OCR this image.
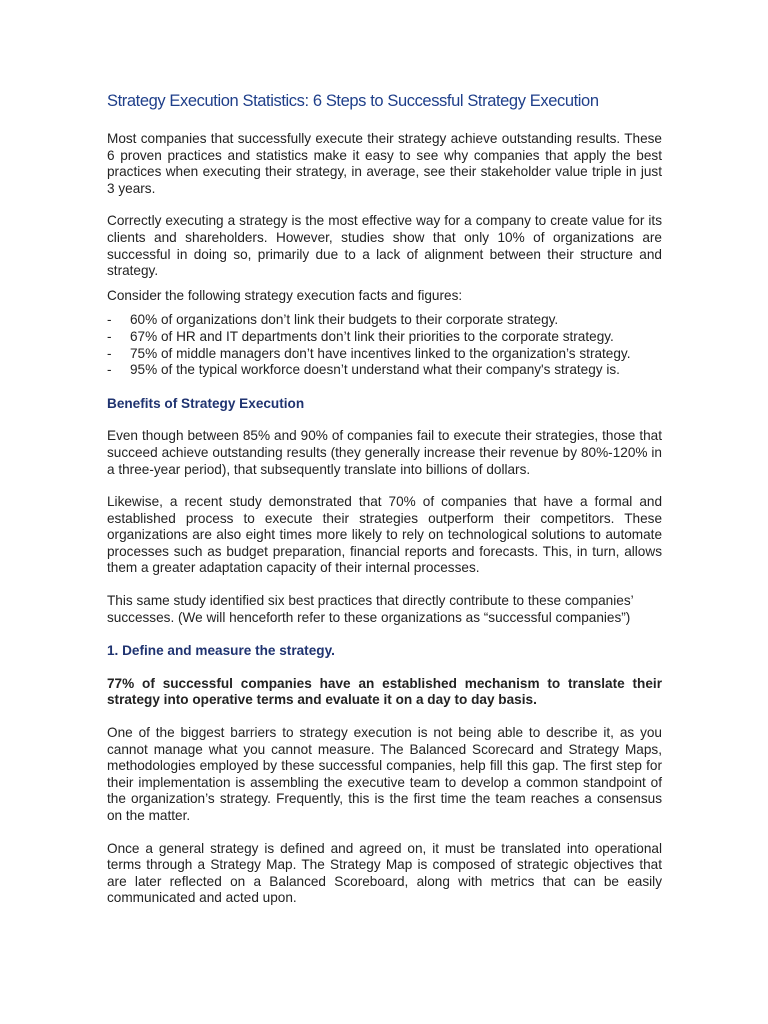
Strategy Execution Statistics: 6 Steps to Successful Strategy Execution

Most companies that successfully execute their strategy achieve outstanding results. These 6 proven practices and statistics make it easy to see why companies that apply the best practices when executing their strategy, in average, see their stakeholder value triple in just 3 years.

Correctly executing a strategy is the most effective way for a company to create value for its clients and shareholders. However, studies show that only 10% of organizations are successful in doing so, primarily due to a lack of alignment between their structure and strategy.

Consider the following strategy execution facts and figures:

- 60% of organizations don’t link their budgets to their corporate strategy.
- 67% of HR and IT departments don’t link their priorities to the corporate strategy.
- 75% of middle managers don’t have incentives linked to the organization’s strategy.
- 95% of the typical workforce doesn’t understand what their company's strategy is.
Benefits of Strategy Execution

Even though between 85% and 90% of companies fail to execute their strategies, those that succeed achieve outstanding results (they generally increase their revenue by 80%-120% in a three-year period), that subsequently translate into billions of dollars.

Likewise, a recent study demonstrated that 70% of companies that have a formal and established process to execute their strategies outperform their competitors. These organizations are also eight times more likely to rely on technological solutions to automate processes such as budget preparation, financial reports and forecasts. This, in turn, allows them a greater adaptation capacity of their internal processes.

This same study identified six best practices that directly contribute to these companies’ successes. (We will henceforth refer to these organizations as “successful companies”)

1. Define and measure the strategy.

77% of successful companies have an established mechanism to translate their strategy into operative terms and evaluate it on a day to day basis.

One of the biggest barriers to strategy execution is not being able to describe it, as you cannot manage what you cannot measure. The Balanced Scorecard and Strategy Maps, methodologies employed by these successful companies, help fill this gap. The first step for their implementation is assembling the executive team to develop a common standpoint of the organization’s strategy. Frequently, this is the first time the team reaches a consensus on the matter.

Once a general strategy is defined and agreed on, it must be translated into operational terms through a Strategy Map. The Strategy Map is composed of strategic objectives that are later reflected on a Balanced Scoreboard, along with metrics that can be easily communicated and acted upon.
